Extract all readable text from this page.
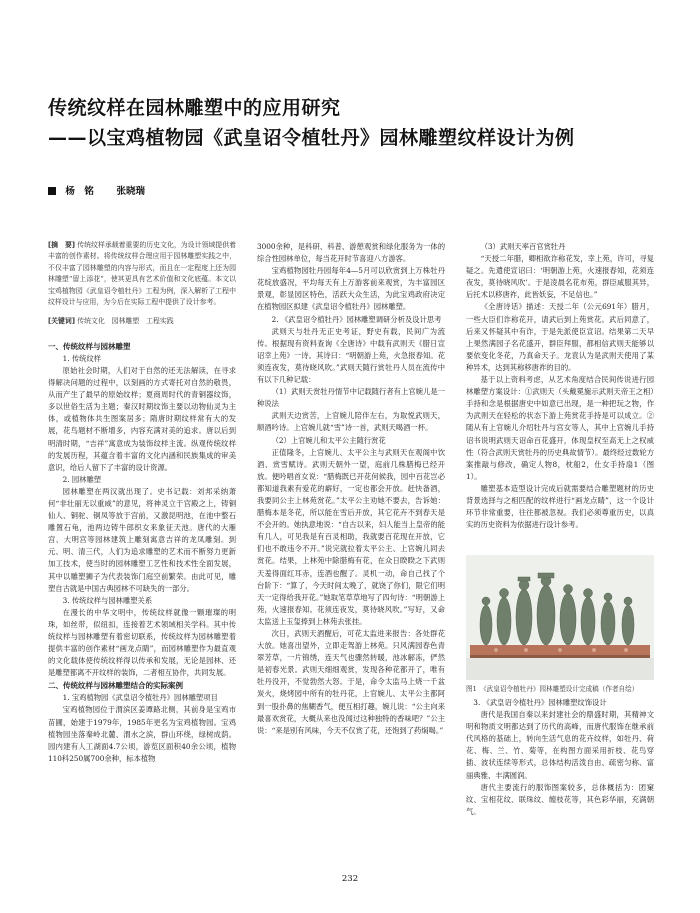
传统纹样在园林雕塑中的应用研究
——以宝鸡植物园《武皇诏令植牡丹》园林雕塑纹样设计为例
杨　铭 张晓瑞

[摘　要] 传统纹样承载着重要的历史文化，为设计领域提供着丰富的创作素材。将传统纹样合理应用于园林雕塑实践之中，不仅丰富了园林雕塑的内容与形式，而且在一定程度上还为园林雕塑“留上添花”，使其更具有艺术价值和文化底蕴。本文以宝鸡植物园《武皇诏令植牡丹》工程为例，深入解析了工程中纹样设计与应用，为今后在实际工程中提供了设计参考。

[关键词] 传统文化　园林雕塑　工程实践

一、传统纹样与园林雕塑

1. 传统纹样

原始社会时期，人们对于自然的还无法解读，在寻求得解决问题的过程中，以刻画的方式寄托对自然的敬畏，从而产生了最早的原始纹样；夏商周时代的青铜器纹饰，多以世俗生活为主题；秦汉时期纹饰主要以动物仙灵为主体，或植物体共生图案居多；隋唐时期纹样常有大的发展，花鸟题材不断增多，内容充满对美的追求。唐以后到明清时期，“吉祥”寓意成为装饰纹样主流。纵观传统纹样的发展历程，其蕴含着丰富的文化内涵和民族集成的审美意识，给后人留下了丰富的设计资源。

2. 园林雕塑

园林雕塑在两汉就出现了。史书记载：刘邦采纳萧何“非壮丽无以重威”的意见，将神灵立于宫殿之上，铸铜仙人、铜驼、铜凤等放于宫前，又激昆明池，在池中整石雕置石龟，池两边铸牛郎织女来象征天池。唐代的大雁宫、大明宫等园林建筑上雕刻寓意吉祥的龙凤雕刻。到元、明、清三代，人们为追求雕塑的艺术而不断努力更新加工技术，使当时的园林雕塑工艺性和技术性全面发展，其中以雕塑狮子为代表装饰门庭空前繁荣。由此可见，雕塑自古就是中国古典园林不可缺失的一部分。

3. 传统纹样与园林雕塑关系

在漫长的中华文明中，传统纹样就像一颗璀璨的明珠，如丝带，似纽扣，连接着艺术领域相关学科。其中传统纹样与园林雕塑有着密切联系，传统纹样为园林雕塑着提供丰富的创作素材“画龙点睛”，而园林雕塑作为最直观的文化载体使传统纹样得以传承和发展，无论是园林、还是雕塑都离不开纹样的装饰，二者相互协作，共同发展。

二、传统纹样与园林雕塑结合的实际案例

1. 宝鸡植物园《武皇诏令植牡丹》园林雕塑项目

宝鸡植物园位于渭滨区姜谭路北侧，其前身是宝鸡市苗圃，始建于1979年，1985年更名为宝鸡植物园。宝鸡植物园坐落秦岭北麓、渭水之滨，群山环绕，绿树成荫。园内建有人工湖面4.7公顷，游览区面积40余公顷，植物110科250属700余种，标本植物

3000余种，是科研、科普、游憩观赏和绿化服务为一体的综合性园林单位，每当花开时节喜迎八方游客。

宝鸡植物园牡丹园每年4—5月可以欣赏到上万株牡丹花绽放盛况，平均每天有上万游客前来观赏，为丰富园区景观，彰显园区特色，活跃大众生活，为此宝鸡政府决定在植物园区拟建《武皇诏令植牡丹》园林雕塑。

2. 《武皇诏令植牡丹》园林雕塑调研分析及设计思考

武则天与牡丹无正史考证，野史有载，民间广为流传。根据现有资料查询《全唐诗》中载有武则天《腊日宣诏幸上苑》一诗。其诗曰：“明朝游上苑，火急报春知。花须连夜发，莫待晓风吹。”武则天随行赏牡丹人员在流传中有以下几种记载：

（1）武则天赏牡丹情节中记载随行者有上官婉儿是一种说法

武则天边赏苦，上官婉儿陪伴左右，为取悦武则天，顺酒吟诗。上官婉儿就“雪”诗一首，武则天喝酒一杯。

（2）上官婉儿和太平公主随行赏花

正值隆冬，上官婉儿、太平公主与武则天在观阁中饮酒、赏雪赋诗。武则天朝外一望，庭前几株腊梅已经开放。便吟唱首女说：“腊梅既已开花何候我，园中百花岂必都知道我素有爱花的癖好，一定也都会开放。赶快备酒，我要同公主上林苑赏花。”太平公主劝她不要去，告诉她：腊梅本是冬花，所以能在雪后开放，其它花卉不到春天是不会开的。她执意地说：“自古以来，妇人能当上皇帝的能有几人，可见我是有百灵相助，我就要百花现在开放，它们也不敢违令不开。”说完就拉着太平公主、上官婉儿同去赏花。结果，上林苑中除腊梅有花，在众日睽睽之下武则天羞得面红耳赤，连酒也醒了。灵机一动，命自己找了个台阶下：“算了，今天时间太晚了，就饶了你们，限它们明天一定得给我开花。”她取笔草草地写了四句诗：“明朝游上苑，火速报春知。花须连夜发，莫待晓风吹。”写好，又命太监送上玉玺捧到上林苑去张挂。

次日，武则天酒醒后，可花太监进来报告：各处群花大放。她喜出望外，立即走驾游上林苑。只风满园春色青翠芳草，一片锦绣，连天气也骤然转暖，池冰解冻，俨然是初春光景。武则天细细观赏，发现各种花都开了，唯有牡丹没开，不觉勃然大怒。于是，命令太监马上烧一千盆炭火，烧烤园中所有的牡丹花，上官婉儿、太平公主都阿到一股扑鼻的焦糊香气，便互相打趣，婉儿说：“公主向来最喜欢赏花，大概从来也没闻过这种独特的香味吧？”公主说：“来是别有风味，今天不仅赏了花，还饱到了药焖喝。”

（3）武则天率百官赏牡丹

“天授二年腊，卿相欲诈称花发，幸上苑，许可，寻复疑之。先遣使宣诏曰：‘明朝游上苑，火速报春知，花须连夜发，莫待晓风吹’。于是凌晨名花布苑，群臣咸服其异，后托术以移唐祚，此皆妖妄，不足信也。”

《全唐诗话》描述：天授二年（公元691年）腊月，一些大臣们诈称花开，请武后到上苑赏花。武后同意了，后来又怀疑其中有诈，于是先派使臣宣诏。结果第二天早上果然满园子名花盛开，群臣拜服，都相信武则天能够以要依变化冬花，乃真命天子。龙袁认为是武则天使用了某种异术，达到其称移唐祚的目的。

基于以上资料考虑，从艺术角度结合民间传说进行园林雕塑方案设计：①武则天（头戴冕旒示武则天帝王之相）手持和念是根据唐史中如意已出现，是一种把玩之物，作为武则天在轻松的状态下游上苑赏花手持是可以成立。②随从有上官婉儿介绍牡丹与宫女等人，其中上官婉儿手持诏书说明武则天诏命百花盛开，体现皇权至高无上之权威性（符合武则天赏牡丹的历史典故情节）。最终经过数轮方案推敲与修改，确定人物8，枕船2，仕女手持扇1（图1）。

雕塑基本造型设计完成后就需要结合雕塑题材的历史背景选择与之相匹配的纹样进行“画龙点睛”，这一个设计环节非常重要，往往都被忽视。我们必须尊重历史，以真实的历史资料为依据进行设计参考。

图1　《武皇诏令植牡丹》园林雕塑设计完成稿（作者自绘）

3. 《武皇诏令植牡丹》园林雕塑纹饰设计

唐代是我国自秦以来封建社会的鼎盛时期，其精神文明和物质文明都达到了历代的高峰，而唐代服饰在继承前代风格的基础上，转向生活气息的花卉纹样，如牡丹、荷花、梅、兰、竹、菊等，在构图方面采用折枝、花鸟穿插、波状连续等形式，总体结构活泼自由、疏密匀称、富丽典雅、丰满圆润。

唐代主要流行的服饰图案较多，总体概括为：团窠纹、宝相花纹、联珠纹、缠枝花等，其色彩华丽，充满朝气。

232
